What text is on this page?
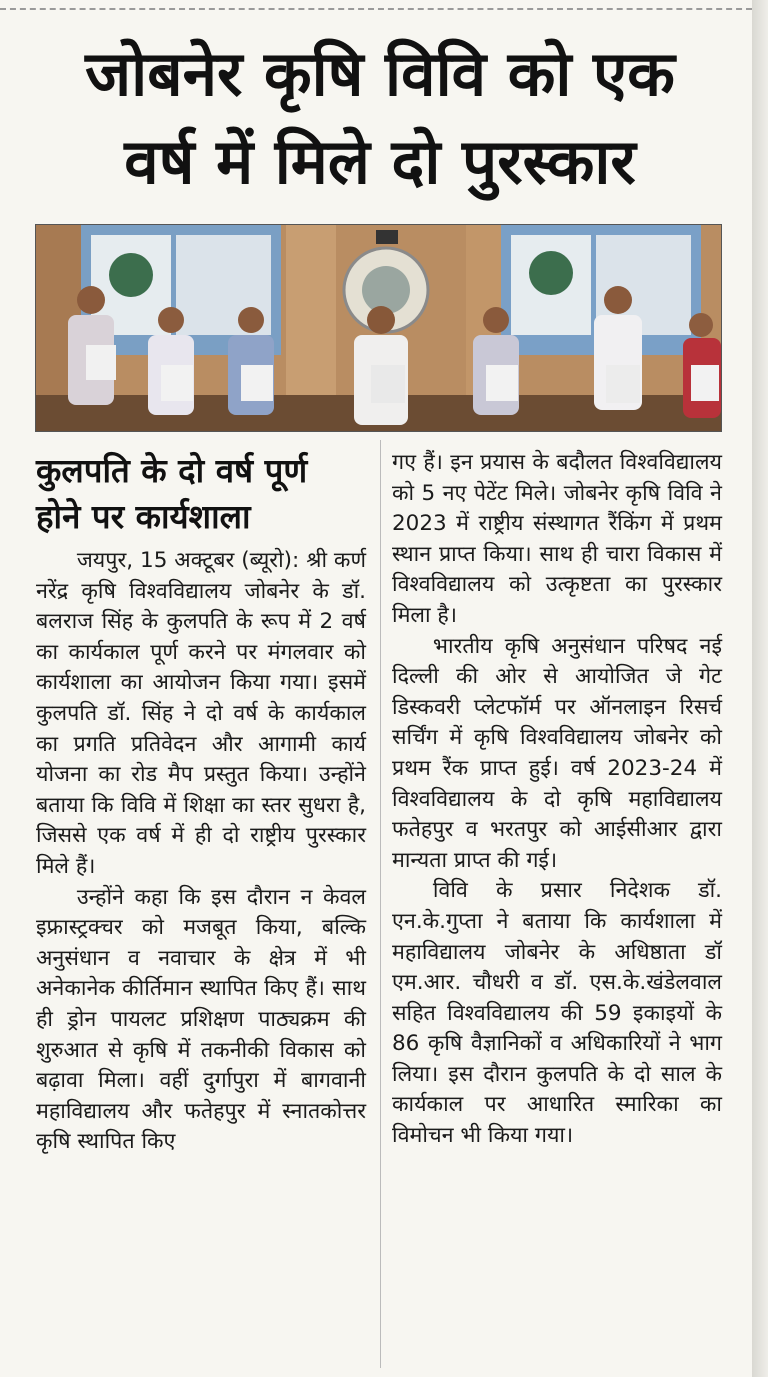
जोबनेर कृषि विवि को एक
वर्ष में मिले दो पुरस्कार
कुलपति के दो वर्ष पूर्ण
होने पर कार्यशाला

जयपुर, 15 अक्टूबर (ब्यूरो): श्री कर्ण नरेंद्र कृषि विश्वविद्यालय जोबनेर के डॉ. बलराज सिंह के कुलपति के रूप में 2 वर्ष का कार्यकाल पूर्ण करने पर मंगलवार को कार्यशाला का आयोजन किया गया। इसमें कुलपति डॉ. सिंह ने दो वर्ष के कार्यकाल का प्रगति प्रतिवेदन और आगामी कार्य योजना का रोड मैप प्रस्तुत किया। उन्होंने बताया कि विवि में शिक्षा का स्तर सुधरा है, जिससे एक वर्ष में ही दो राष्ट्रीय पुरस्कार मिले हैं।

उन्होंने कहा कि इस दौरान न केवल इफ्रास्ट्रक्चर को मजबूत किया, बल्कि अनुसंधान व नवाचार के क्षेत्र में भी अनेकानेक कीर्तिमान स्थापित किए हैं। साथ ही ड्रोन पायलट प्रशिक्षण पाठ्यक्रम की शुरुआत से कृषि में तकनीकी विकास को बढ़ावा मिला। वहीं दुर्गापुरा में बागवानी महाविद्यालय और फतेहपुर में स्नातकोत्तर कृषि स्थापित किए

गए हैं। इन प्रयास के बदौलत विश्वविद्यालय को 5 नए पेटेंट मिले। जोबनेर कृषि विवि ने 2023 में राष्ट्रीय संस्थागत रैंकिंग में प्रथम स्थान प्राप्त किया। साथ ही चारा विकास में विश्वविद्यालय को उत्कृष्टता का पुरस्कार मिला है।

भारतीय कृषि अनुसंधान परिषद नई दिल्ली की ओर से आयोजित जे गेट डिस्कवरी प्लेटफॉर्म पर ऑनलाइन रिसर्च सर्चिंग में कृषि विश्वविद्यालय जोबनेर को प्रथम रैंक प्राप्त हुई। वर्ष 2023-24 में विश्वविद्यालय के दो कृषि महाविद्यालय फतेहपुर व भरतपुर को आईसीआर द्वारा मान्यता प्राप्त की गई।

विवि के प्रसार निदेशक डॉ. एन.के.गुप्ता ने बताया कि कार्यशाला में महाविद्यालय जोबनेर के अधिष्ठाता डॉ एम.आर. चौधरी व डॉ. एस.के.खंडेलवाल सहित विश्वविद्यालय की 59 इकाइयों के 86 कृषि वैज्ञानिकों व अधिकारियों ने भाग लिया। इस दौरान कुलपति के दो साल के कार्यकाल पर आधारित स्मारिका का विमोचन भी किया गया।
